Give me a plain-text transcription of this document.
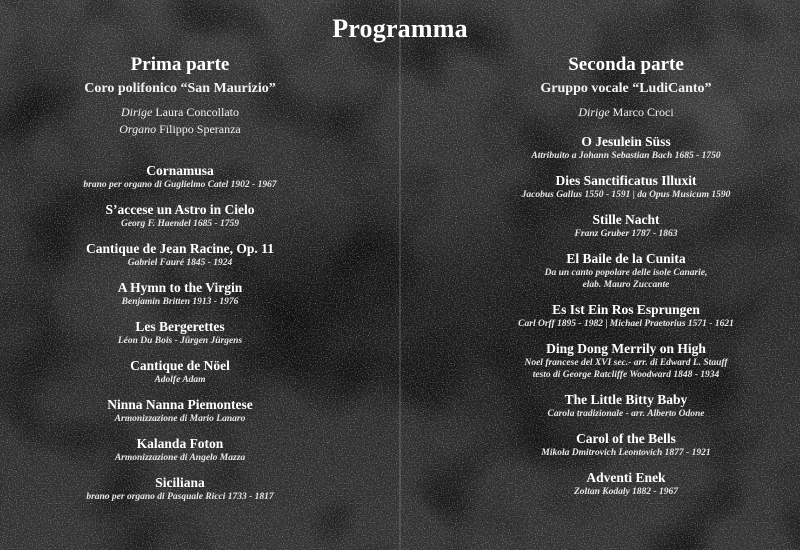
Programma
Prima parte
Coro polifonico “San Maurizio”
Dirige Laura Concollato
Organo Filippo Speranza
Cornamusa
brano per organo di Guglielmo Catel 1902 - 1967
S’accese un Astro in Cielo
Georg F. Haendel 1685 - 1759
Cantique de Jean Racine, Op. 11
Gabriel Fauré 1845 - 1924
A Hymn to the Virgin
Benjamin Britten 1913 - 1976
Les Bergerettes
Léon Du Bois - Jürgen Jürgens
Cantique de Nöel
Adolfe Adam
Ninna Nanna Piemontese
Armonizzazione di Mario Lanaro
Kalanda Foton
Armonizzazione di Angelo Mazza
Siciliana
brano per organo di Pasquale Ricci 1733 - 1817
Seconda parte
Gruppo vocale “LudiCanto”
Dirige Marco Croci
O Jesulein Süss
Attribuito a Johann Sebastian Bach 1685 - 1750
Dies Sanctificatus Illuxit
Jacobus Gallus 1550 - 1591 | da Opus Musicum 1590
Stille Nacht
Franz Gruber 1787 - 1863
El Baile de la Cunita
Da un canto popolare delle isole Canarie,
elab. Mauro Zuccante
Es Ist Ein Ros Esprungen
Carl Orff 1895 - 1982 | Michael Praetorius 1571 - 1621
Ding Dong Merrily on High
Noel francese del XVI sec.- arr. di Edward L. Stauff
testo di George Ratcliffe Woodward 1848 - 1934
The Little Bitty Baby
Carola tradizionale - arr. Alberto Odone
Carol of the Bells
Mikola Dmitrovich Leontovich 1877 - 1921
Adventi Enek
Zoltan Kodaly 1882 - 1967
